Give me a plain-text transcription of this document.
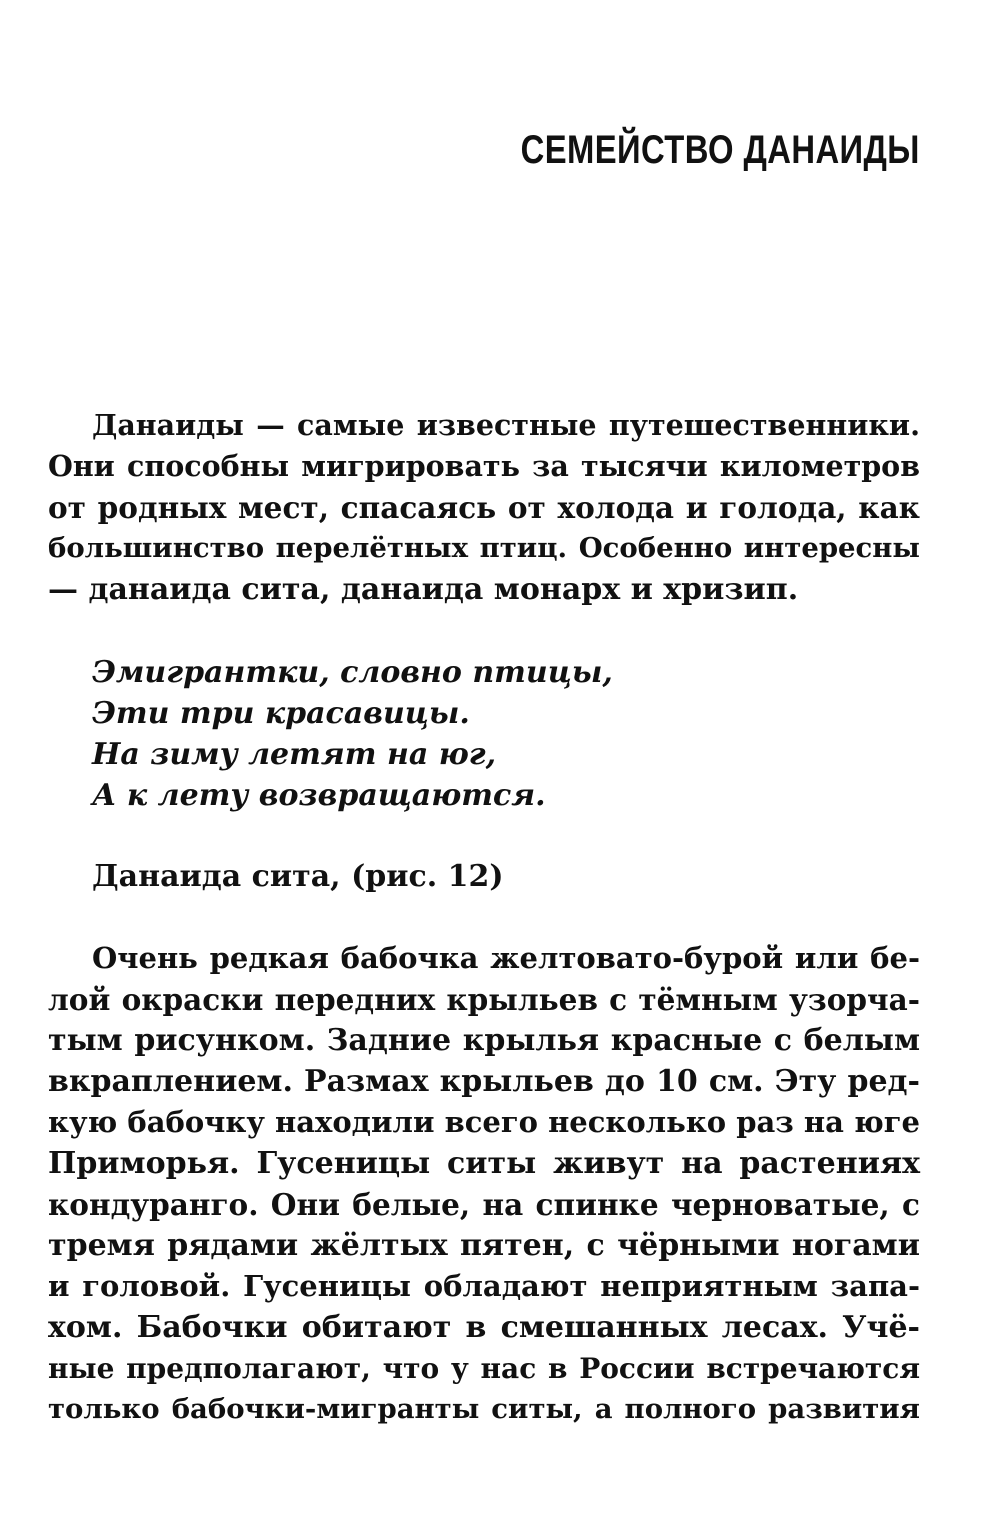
СЕМЕЙСТВО ДАНАИДЫ
Данаиды — самые известные путешественники.
Они способны мигрировать за тысячи километров
от родных мест, спасаясь от холода и голода, как
большинство перелётных птиц. Особенно интересны
— данаида сита, данаида монарх и хризип.
Эмигрантки, словно птицы,
Эти три красавицы.
На зиму летят на юг,
А к лету возвращаются.
Данаида сита, (рис. 12)
Очень редкая бабочка желтовато-бурой или бе-
лой окраски передних крыльев с тёмным узорча-
тым рисунком. Задние крылья красные с белым
вкраплением. Размах крыльев до 10 см. Эту ред-
кую бабочку находили всего несколько раз на юге
Приморья. Гусеницы ситы живут на растениях
кондуранго. Они белые, на спинке черноватые, с
тремя рядами жёлтых пятен, с чёрными ногами
и головой. Гусеницы обладают неприятным запа-
хом. Бабочки обитают в смешанных лесах. Учё-
ные предполагают, что у нас в России встречаются
только бабочки-мигранты ситы, а полного развития
